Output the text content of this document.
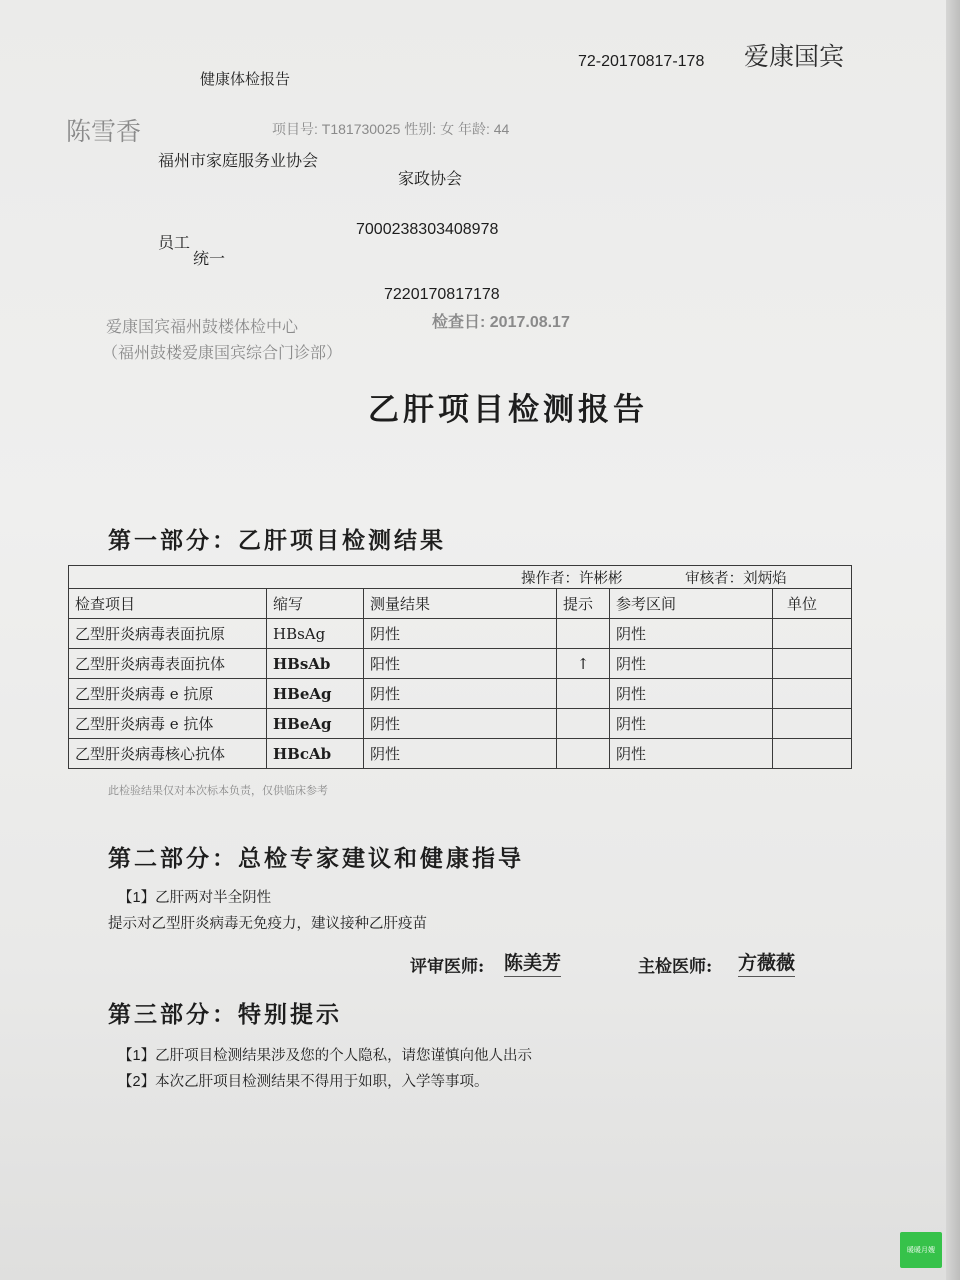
健康体检报告
72-20170817-178 爱康国宾
陈雪香	项目号: T181730025 性别: 女 年龄: 44
福州市家庭服务业协会
家政协会
员工
7000238303408978
统一
7220170817178
爱康国宾福州鼓楼体检中心	检查日: 2017.08.17
（福州鼓楼爱康国宾综合门诊部）
乙肝项目检测报告
第一部分：乙肝项目检测结果
操作者：许彬彬 审核者：刘炳焰					
检查项目	缩写	测量结果	提示	参考区间	单位
乙型肝炎病毒表面抗原	HBsAg	阴性		阴性	
乙型肝炎病毒表面抗体	HBsAb	阳性	↑	阴性	
乙型肝炎病毒 e 抗原	HBeAg	阴性		阴性	
乙型肝炎病毒 e 抗体	HBeAg	阴性		阴性	
乙型肝炎病毒核心抗体	HBcAb	阴性		阴性	
此检验结果仅对本次标本负责，仅供临床参考
第二部分：总检专家建议和健康指导
【1】乙肝两对半全阴性
提示对乙型肝炎病毒无免疫力，建议接种乙肝疫苗
评审医师: 陈美芳	主检医师: 方薇薇
第三部分：特别提示
【1】乙肝项目检测结果涉及您的个人隐私，请您谨慎向他人出示
【2】本次乙肝项目检测结果不得用于如职，入学等事项。
暖暖月嫂
